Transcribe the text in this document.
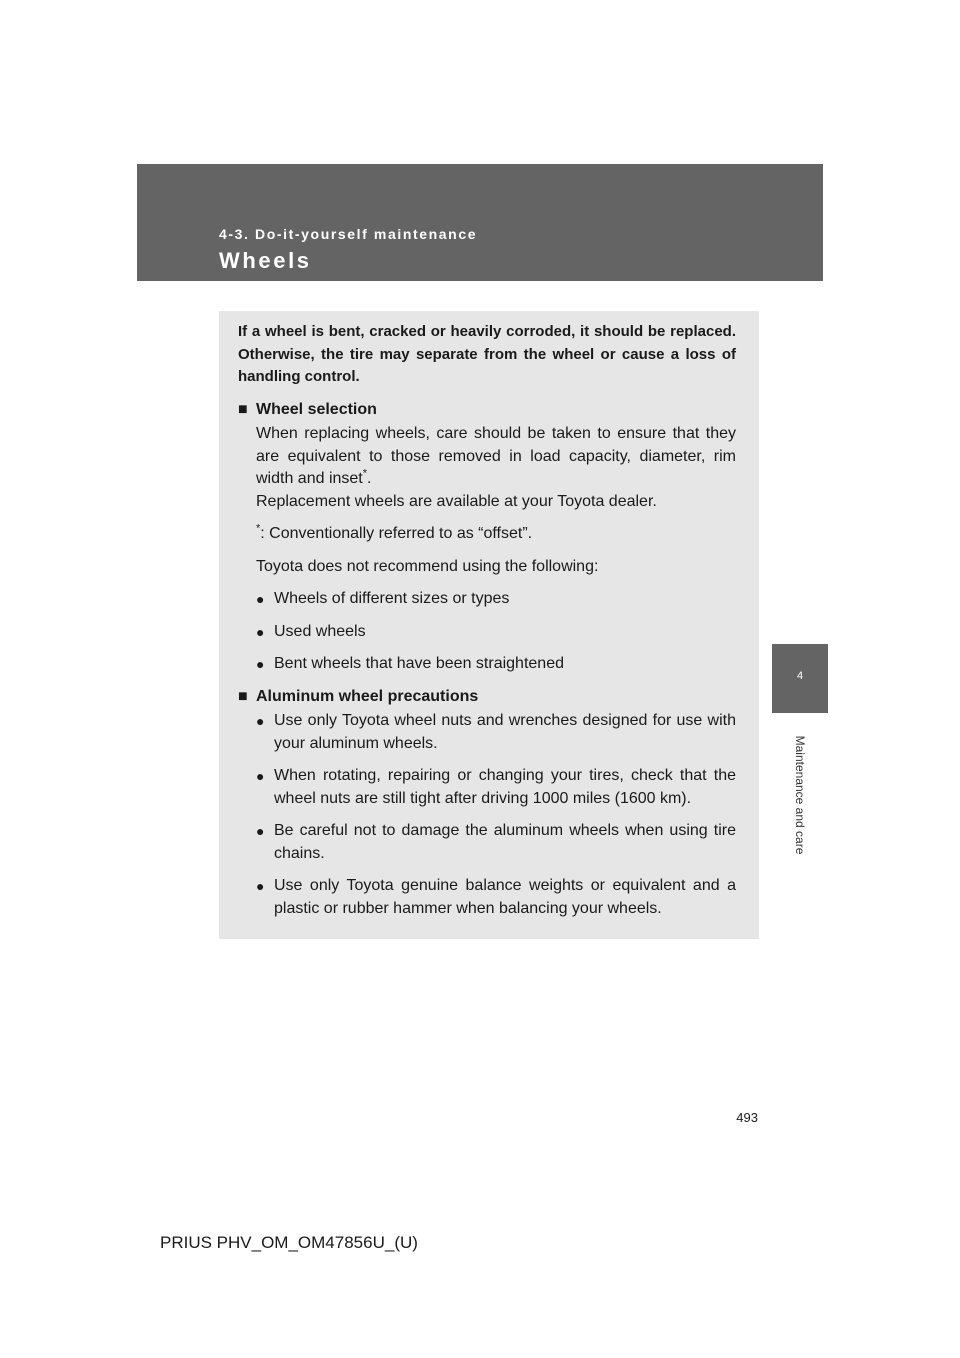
4-3. Do-it-yourself maintenance
Wheels
4
Maintenance and care

If a wheel is bent, cracked or heavily corroded, it should be replaced. Otherwise, the tire may separate from the wheel or cause a loss of handling control.

■ Wheel selection

When replacing wheels, care should be taken to ensure that they are equivalent to those removed in load capacity, diameter, rim width and inset*.
Replacement wheels are available at your Toyota dealer.

*: Conventionally referred to as “offset”.

Toyota does not recommend using the following:

● Wheels of different sizes or types
● Used wheels
● Bent wheels that have been straightened
■ Aluminum wheel precautions
● Use only Toyota wheel nuts and wrenches designed for use with your aluminum wheels.
● When rotating, repairing or changing your tires, check that the wheel nuts are still tight after driving 1000 miles (1600 km).
● Be careful not to damage the aluminum wheels when using tire chains.
● Use only Toyota genuine balance weights or equivalent and a plastic or rubber hammer when balancing your wheels.
493
PRIUS PHV_OM_OM47856U_(U)
